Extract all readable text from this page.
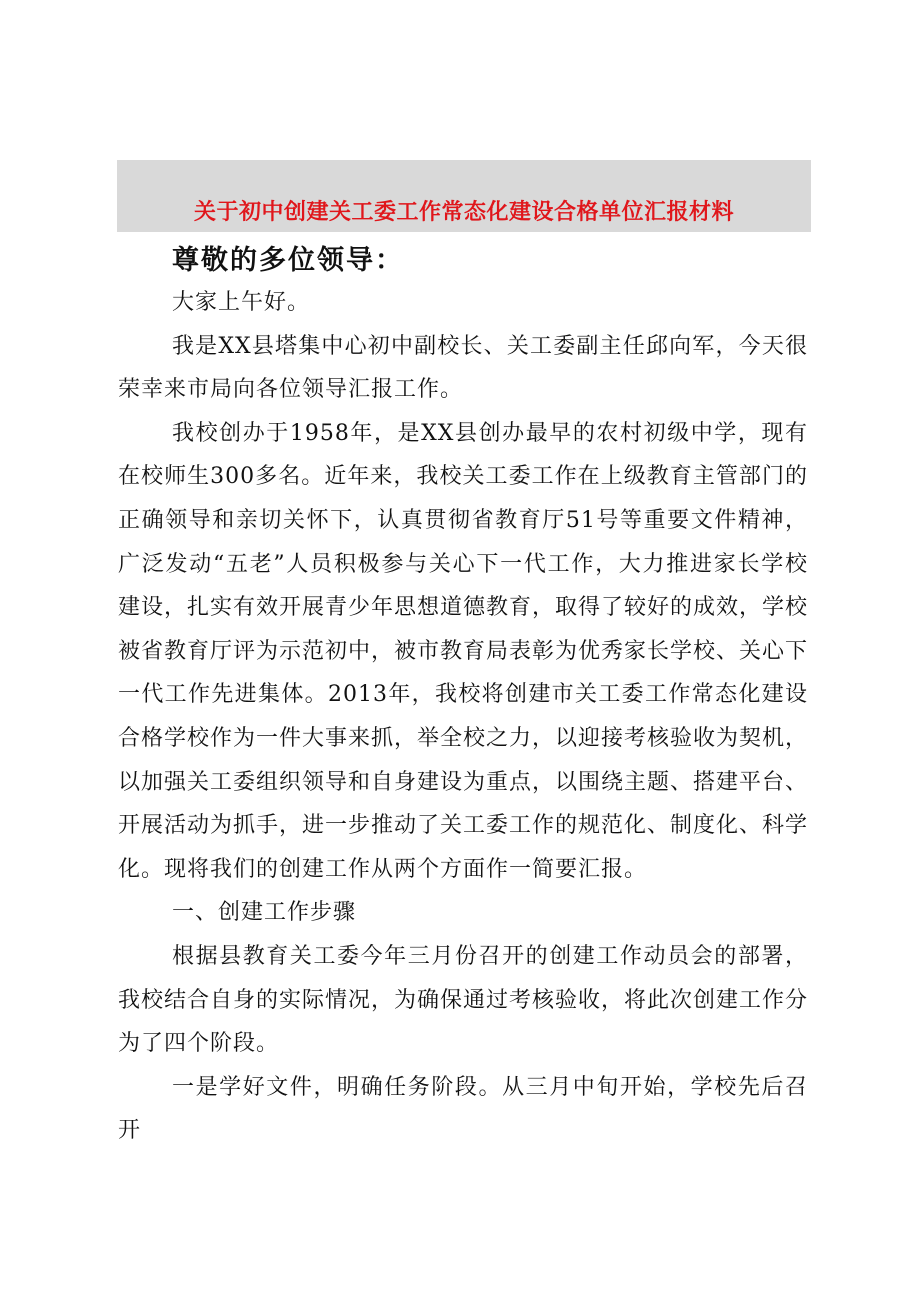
关于初中创建关工委工作常态化建设合格单位汇报材料
尊敬的多位领导：

大家上午好。

我是XX县塔集中心初中副校长、关工委副主任邱向军，今天很荣幸来市局向各位领导汇报工作。

我校创办于1958年，是XX县创办最早的农村初级中学，现有在校师生300多名。近年来，我校关工委工作在上级教育主管部门的正确领导和亲切关怀下，认真贯彻省教育厅51号等重要文件精神，广泛发动“五老”人员积极参与关心下一代工作，大力推进家长学校建设，扎实有效开展青少年思想道德教育，取得了较好的成效，学校被省教育厅评为示范初中，被市教育局表彰为优秀家长学校、关心下一代工作先进集体。2013年，我校将创建市关工委工作常态化建设合格学校作为一件大事来抓，举全校之力，以迎接考核验收为契机，以加强关工委组织领导和自身建设为重点，以围绕主题、搭建平台、开展活动为抓手，进一步推动了关工委工作的规范化、制度化、科学化。现将我们的创建工作从两个方面作一简要汇报。

一、创建工作步骤

根据县教育关工委今年三月份召开的创建工作动员会的部署，我校结合自身的实际情况，为确保通过考核验收，将此次创建工作分为了四个阶段。

一是学好文件，明确任务阶段。从三月中旬开始，学校先后召开
